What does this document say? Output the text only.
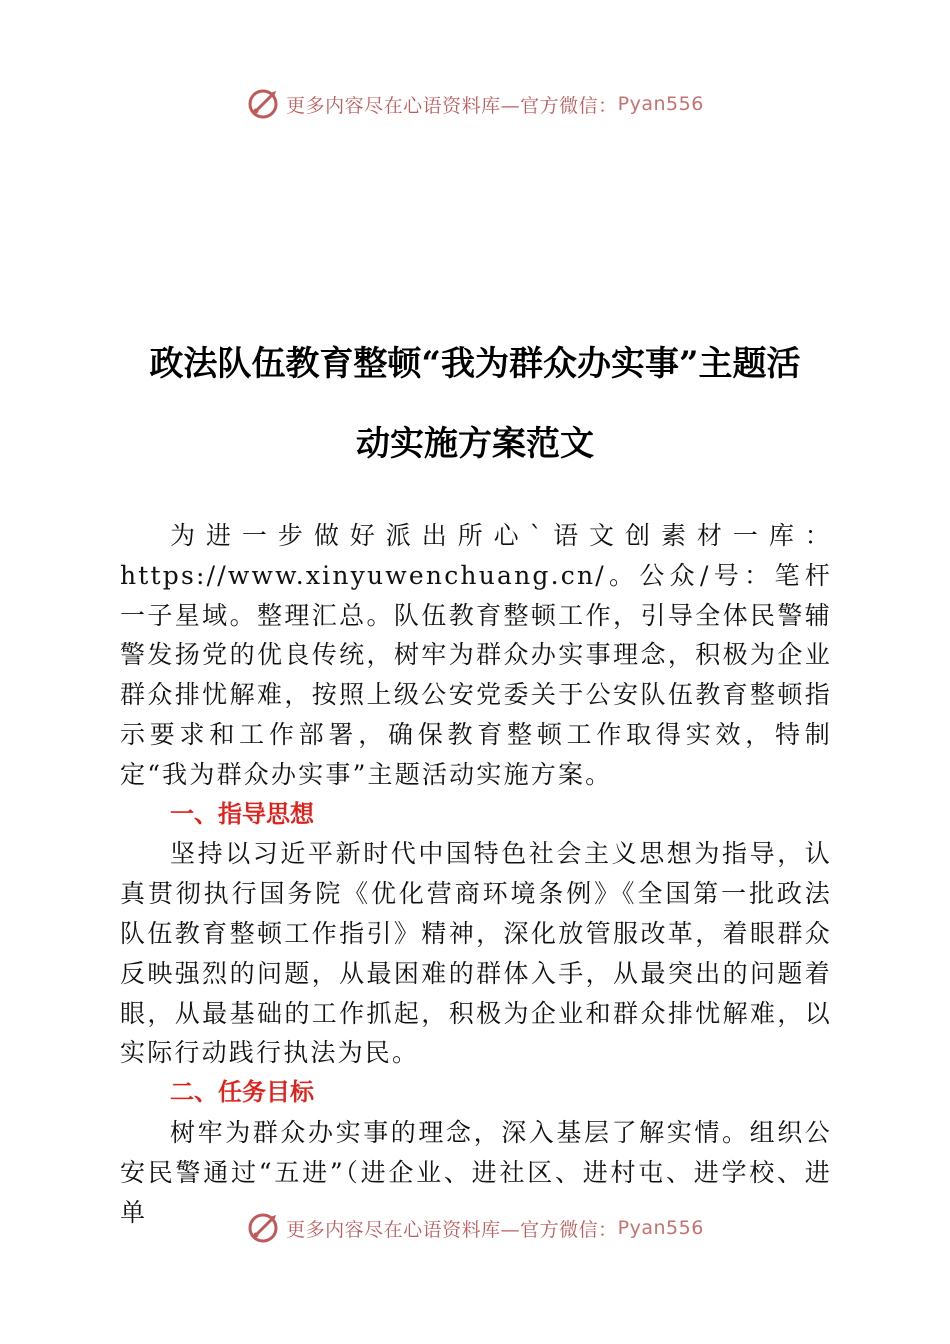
更多内容尽在心语资料库—官方微信： Pyan556
政法队伍教育整顿“我为群众办实事”主题活
动实施方案范文

为进一步做好派出所心`语文创素材一库：https://www.xinyuwenchuang.cn/。公众/号：笔杆一子星域。整理汇总。队伍教育整顿工作，引导全体民警辅警发扬党的优良传统，树牢为群众办实事理念，积极为企业群众排忧解难，按照上级公安党委关于公安队伍教育整顿指示要求和工作部署，确保教育整顿工作取得实效，特制定“我为群众办实事”主题活动实施方案。

一、指导思想

坚持以习近平新时代中国特色社会主义思想为指导，认真贯彻执行国务院《优化营商环境条例》《全国第一批政法队伍教育整顿工作指引》精神，深化放管服改革，着眼群众反映强烈的问题，从最困难的群体入手，从最突出的问题着眼，从最基础的工作抓起，积极为企业和群众排忧解难，以实际行动践行执法为民。

二、任务目标

树牢为群众办实事的理念，深入基层了解实情。组织公安民警通过“五进”（进企业、进社区、进村屯、进学校、进单

更多内容尽在心语资料库—官方微信： Pyan556
